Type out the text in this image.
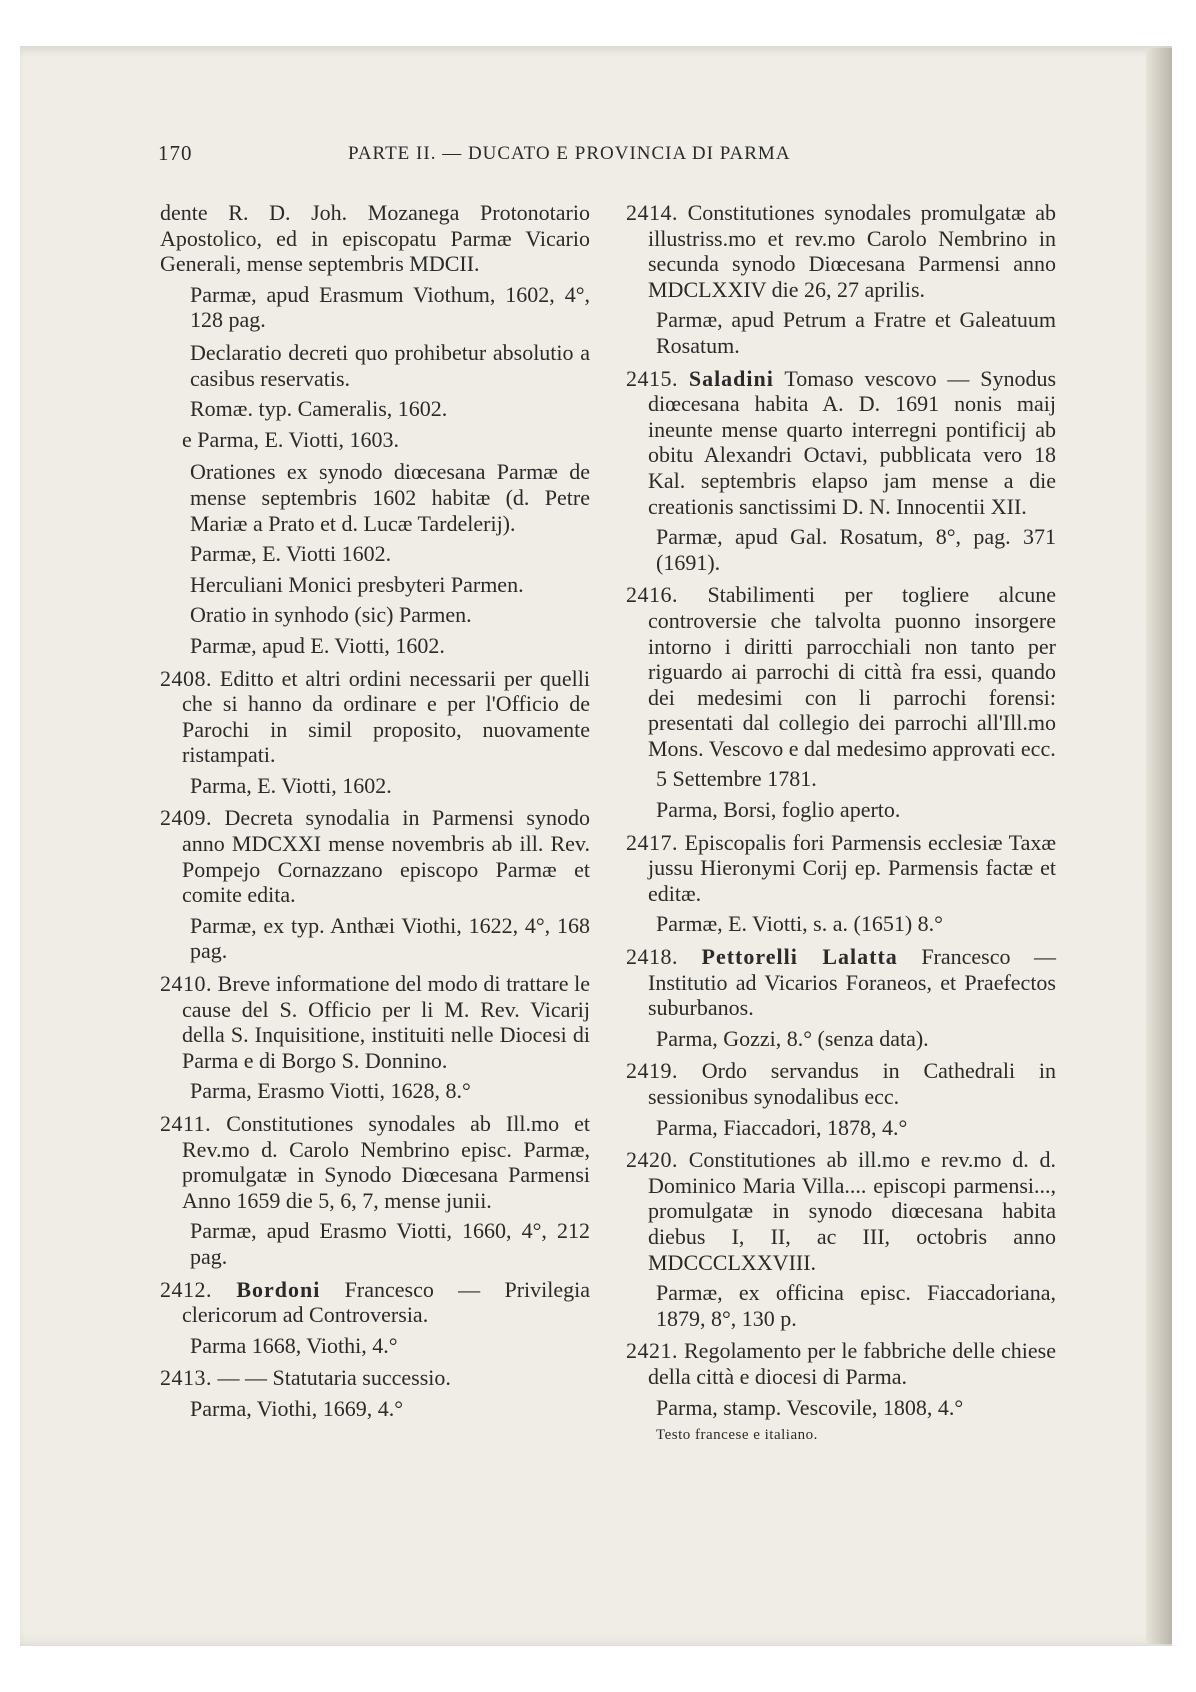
170	PARTE II. — DUCATO E PROVINCIA DI PARMA
dente R. D. Joh. Mozanega Protonotario Apostolico, ed in episcopatu Parmæ Vicario Generali, mense septembris MDCII.
Parmæ, apud Erasmum Viothum, 1602, 4°, 128 pag.
Declaratio decreti quo prohibetur absolutio a casibus reservatis.
Romæ. typ. Cameralis, 1602.
e Parma, E. Viotti, 1603.
Orationes ex synodo diœcesana Parmæ de mense septembris 1602 habitæ (d. Petre Mariæ a Prato et d. Lucæ Tardelerij).
Parmæ, E. Viotti 1602.
Herculiani Monici presbyteri Parmen.
Oratio in synhodo (sic) Parmen.
Parmæ, apud E. Viotti, 1602.
2408. Editto et altri ordini necessarii per quelli che si hanno da ordinare e per l'Officio de Parochi in simil proposito, nuovamente ristampati.
Parma, E. Viotti, 1602.
2409. Decreta synodalia in Parmensi synodo anno MDCXXI mense novembris ab ill. Rev. Pompejo Cornazzano episcopo Parmæ et comite edita.
Parmæ, ex typ. Anthæi Viothi, 1622, 4°, 168 pag.
2410. Breve informatione del modo di trattare le cause del S. Officio per li M. Rev. Vicarij della S. Inquisitione, instituiti nelle Diocesi di Parma e di Borgo S. Donnino.
Parma, Erasmo Viotti, 1628, 8.°
2411. Constitutiones synodales ab Ill.mo et Rev.mo d. Carolo Nembrino episc. Parmæ, promulgatæ in Synodo Diœcesana Parmensi Anno 1659 die 5, 6, 7, mense junii.
Parmæ, apud Erasmo Viotti, 1660, 4°, 212 pag.
2412. Bordoni Francesco — Privilegia clericorum ad Controversia.
Parma 1668, Viothi, 4.°
2413. — — Statutaria successio.
Parma, Viothi, 1669, 4.°
2414. Constitutiones synodales promulgatæ ab illustriss.mo et rev.mo Carolo Nembrino in secunda synodo Diœcesana Parmensi anno MDCLXXIV die 26, 27 aprilis.
Parmæ, apud Petrum a Fratre et Galeatuum Rosatum.
2415. Saladini Tomaso vescovo — Synodus diœcesana habita A. D. 1691 nonis maij ineunte mense quarto interregni pontificij ab obitu Alexandri Octavi, pubblicata vero 18 Kal. septembris elapso jam mense a die creationis sanctissimi D. N. Innocentii XII.
Parmæ, apud Gal. Rosatum, 8°, pag. 371 (1691).
2416. Stabilimenti per togliere alcune controversie che talvolta puonno insorgere intorno i diritti parrocchiali non tanto per riguardo ai parrochi di città fra essi, quando dei medesimi con li parrochi forensi: presentati dal collegio dei parrochi all'Ill.mo Mons. Vescovo e dal medesimo approvati ecc.
5 Settembre 1781.
Parma, Borsi, foglio aperto.
2417. Episcopalis fori Parmensis ecclesiæ Taxæ jussu Hieronymi Corij ep. Parmensis factæ et editæ.
Parmæ, E. Viotti, s. a. (1651) 8.°
2418. Pettorelli Lalatta Francesco — Institutio ad Vicarios Foraneos, et Praefectos suburbanos.
Parma, Gozzi, 8.° (senza data).
2419. Ordo servandus in Cathedrali in sessionibus synodalibus ecc.
Parma, Fiaccadori, 1878, 4.°
2420. Constitutiones ab ill.mo e rev.mo d. d. Dominico Maria Villa.... episcopi parmensi..., promulgatæ in synodo diœcesana habita diebus I, II, ac III, octobris anno MDCCCLXXVIII.
Parmæ, ex officina episc. Fiaccadoriana, 1879, 8°, 130 p.
2421. Regolamento per le fabbriche delle chiese della città e diocesi di Parma.
Parma, stamp. Vescovile, 1808, 4.°
Testo francese e italiano.
